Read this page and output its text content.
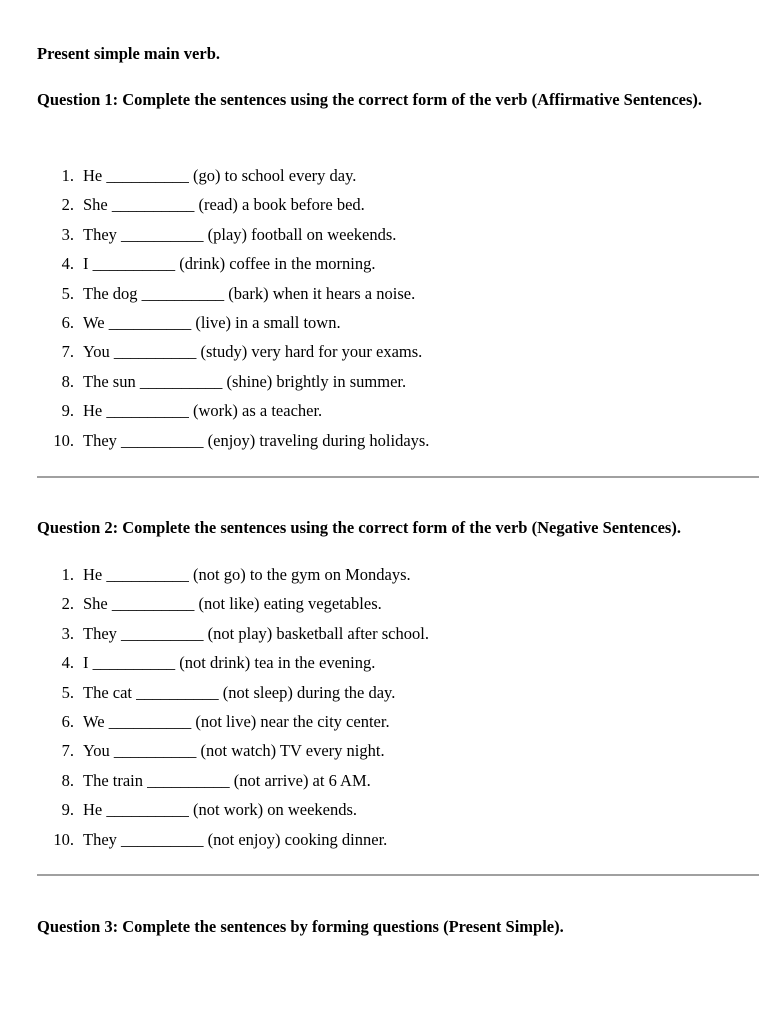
Present simple main verb.
Question 1: Complete the sentences using the correct form of the verb (Affirmative Sentences).
1. He __________ (go) to school every day.
2. She __________ (read) a book before bed.
3. They __________ (play) football on weekends.
4. I __________ (drink) coffee in the morning.
5. The dog __________ (bark) when it hears a noise.
6. We __________ (live) in a small town.
7. You __________ (study) very hard for your exams.
8. The sun __________ (shine) brightly in summer.
9. He __________ (work) as a teacher.
10. They __________ (enjoy) traveling during holidays.
Question 2: Complete the sentences using the correct form of the verb (Negative Sentences).
1. He __________ (not go) to the gym on Mondays.
2. She __________ (not like) eating vegetables.
3. They __________ (not play) basketball after school.
4. I __________ (not drink) tea in the evening.
5. The cat __________ (not sleep) during the day.
6. We __________ (not live) near the city center.
7. You __________ (not watch) TV every night.
8. The train __________ (not arrive) at 6 AM.
9. He __________ (not work) on weekends.
10. They __________ (not enjoy) cooking dinner.
Question 3: Complete the sentences by forming questions (Present Simple).
